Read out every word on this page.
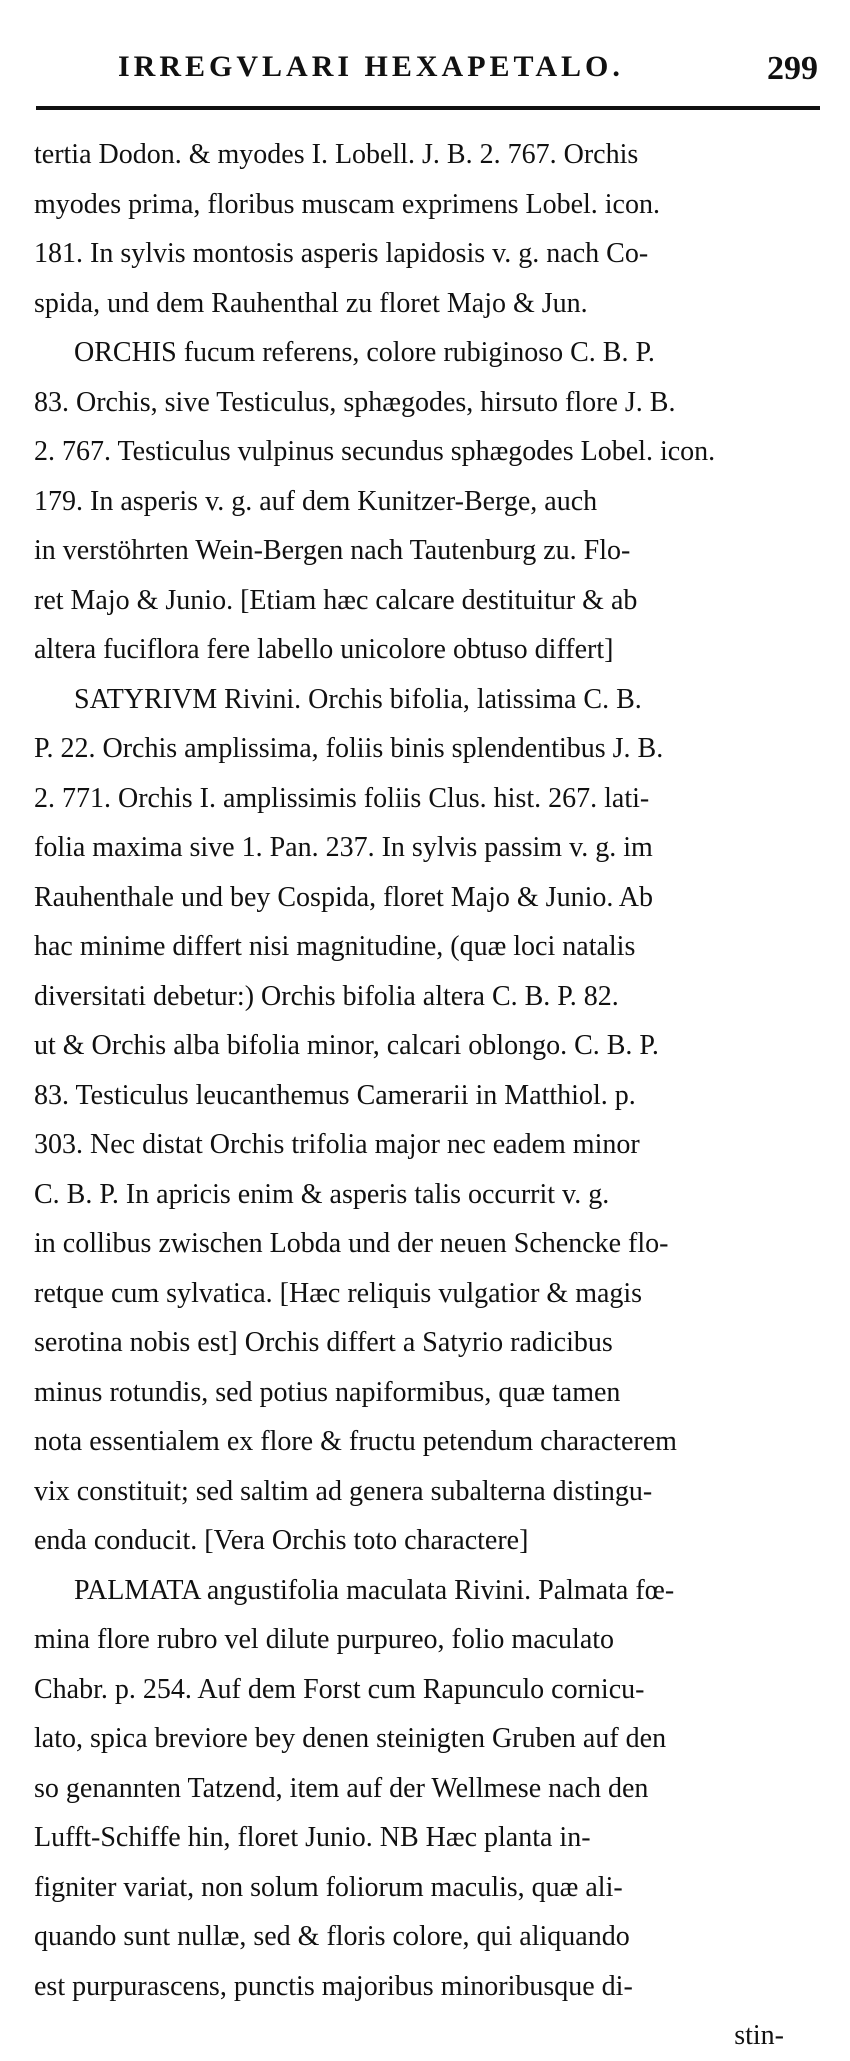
IRREGVLARI HEXAPETALO.	299
tertia Dodon. & myodes I. Lobell. J. B. 2. 767. Orchis
myodes prima, floribus muscam exprimens Lobel. icon.
181. In sylvis montosis asperis lapidosis v. g. nach Co-
spida, und dem Rauhenthal zu floret Majo & Jun.
ORCHIS fucum referens, colore rubiginoso C. B. P.
83. Orchis, sive Testiculus, sphægodes, hirsuto flore J. B.
2. 767. Testiculus vulpinus secundus sphægodes Lobel. icon.
179. In asperis v. g. auf dem Kunitzer-Berge, auch
in verstöhrten Wein-Bergen nach Tautenburg zu. Flo-
ret Majo & Junio. [Etiam hæc calcare destituitur & ab
altera fuciflora fere labello unicolore obtuso differt]
SATYRIVM Rivini. Orchis bifolia, latissima C. B.
P. 22. Orchis amplissima, foliis binis splendentibus J. B.
2. 771. Orchis I. amplissimis foliis Clus. hist. 267. lati-
folia maxima sive 1. Pan. 237. In sylvis passim v. g. im
Rauhenthale und bey Cospida, floret Majo & Junio. Ab
hac minime differt nisi magnitudine, (quæ loci natalis
diversitati debetur:) Orchis bifolia altera C. B. P. 82.
ut & Orchis alba bifolia minor, calcari oblongo. C. B. P.
83. Testiculus leucanthemus Camerarii in Matthiol. p.
303. Nec distat Orchis trifolia major nec eadem minor
C. B. P. In apricis enim & asperis talis occurrit v. g.
in collibus zwischen Lobda und der neuen Schencke flo-
retque cum sylvatica. [Hæc reliquis vulgatior & magis
serotina nobis est] Orchis differt a Satyrio radicibus
minus rotundis, sed potius napiformibus, quæ tamen
nota essentialem ex flore & fructu petendum characterem
vix constituit; sed saltim ad genera subalterna distingu-
enda conducit. [Vera Orchis toto charactere]
PALMATA angustifolia maculata Rivini. Palmata fœ-
mina flore rubro vel dilute purpureo, folio maculato
Chabr. p. 254. Auf dem Forst cum Rapunculo cornicu-
lato, spica breviore bey denen steinigten Gruben auf den
so genannten Tatzend, item auf der Wellmese nach den
Lufft-Schiffe hin, floret Junio. NB Hæc planta in-
figniter variat, non solum foliorum maculis, quæ ali-
quando sunt nullæ, sed & floris colore, qui aliquando
est purpurascens, punctis majoribus minoribusque di-
stin-
